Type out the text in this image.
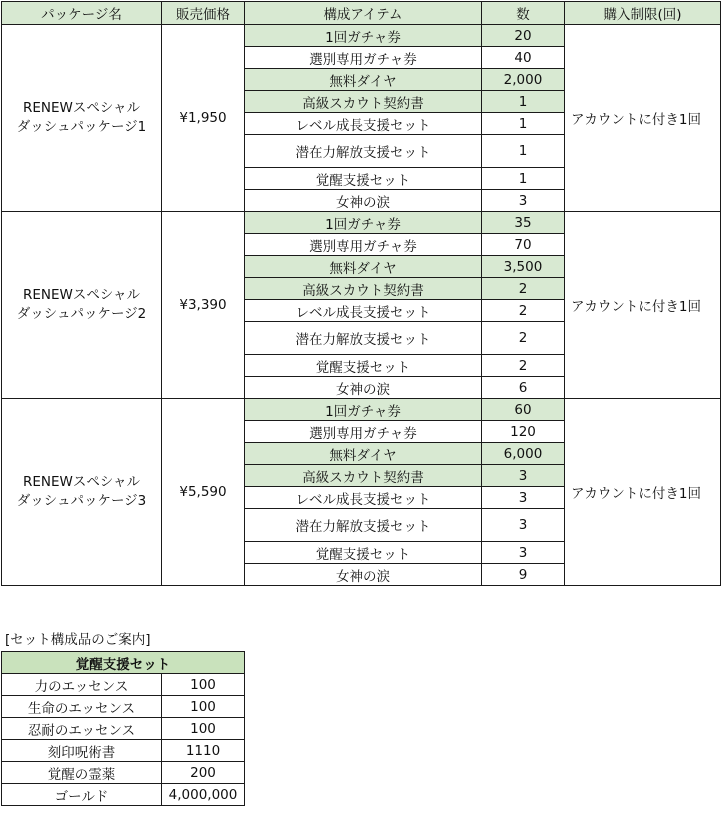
パッケージ名	販売価格	構成アイテム	数	購入制限(回)
RENEWスペシャル
ダッシュパッケージ1	¥1,950	1回ガチャ券	20	アカウントに付き1回
		選別専用ガチャ券	40	
		無料ダイヤ	2,000	
		高級スカウト契約書	1	
		レベル成長支援セット	1	
		潜在力解放支援セット	1	
		覚醒支援セット	1	
		女神の涙	3	
RENEWスペシャル
ダッシュパッケージ2	¥3,390	1回ガチャ券	35	アカウントに付き1回
		選別専用ガチャ券	70	
		無料ダイヤ	3,500	
		高級スカウト契約書	2	
		レベル成長支援セット	2	
		潜在力解放支援セット	2	
		覚醒支援セット	2	
		女神の涙	6	
RENEWスペシャル
ダッシュパッケージ3	¥5,590	1回ガチャ券	60	アカウントに付き1回
		選別専用ガチャ券	120	
		無料ダイヤ	6,000	
		高級スカウト契約書	3	
		レベル成長支援セット	3	
		潜在力解放支援セット	3	
		覚醒支援セット	3	
		女神の涙	9	

[セット構成品のご案内]

覚醒支援セット	
力のエッセンス	100
生命のエッセンス	100
忍耐のエッセンス	100
刻印呪術書	1110
覚醒の霊薬	200
ゴールド	4,000,000
